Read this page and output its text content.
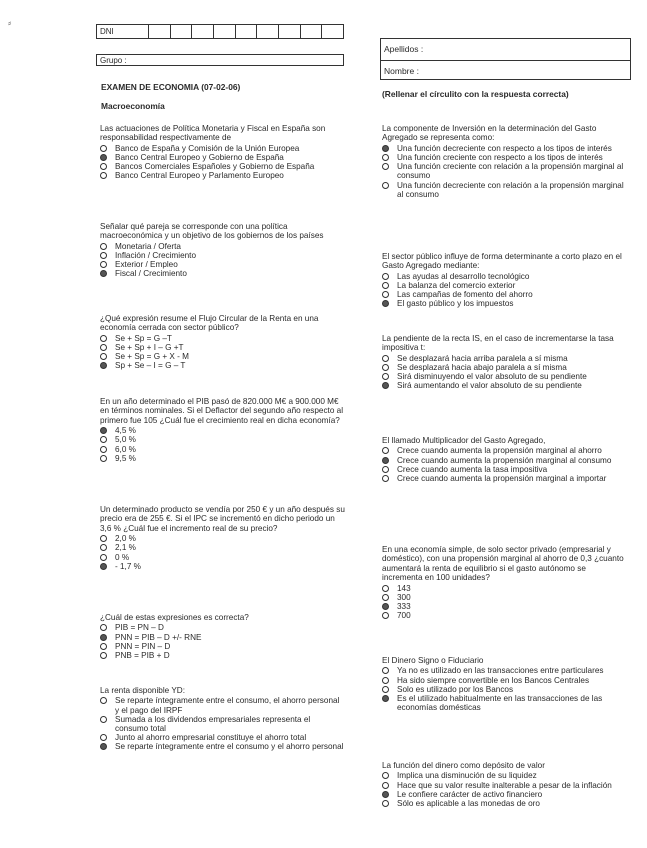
⸗
DNI
Grupo :
Apellidos :
Nombre :
EXAMEN DE ECONOMIA (07-02-06)
Macroeconomía
(Rellenar el círculito con la respuesta correcta)
Las actuaciones de Política Monetaria y Fiscal en España son responsabilidad respectivamente de
Banco de España y Comisión de la Unión Europea
Banco Central Europeo y Gobierno de España
Bancos Comerciales Españoles y Gobierno de España
Banco Central Europeo y Parlamento Europeo
Señalar qué pareja se corresponde con una política macroeconómica y un objetivo de los gobiernos de los países
Monetaria / Oferta
Inflación / Crecimiento
Exterior / Empleo
Fiscal / Crecimiento
¿Qué expresión resume el Flujo Circular de la Renta en una economía cerrada con sector público?
Se + Sp = G –T
Se + Sp + I – G +T
Se + Sp = G + X - M
Sp + Se – I = G – T
En un año determinado el PIB pasó de 820.000 M€ a 900.000 M€ en términos nominales. Si el Deflactor del segundo año respecto al primero fue 105 ¿Cuál fue el crecimiento real en dicha economía?
4,5 %
5,0 %
6,0 %
9,5 %
Un determinado producto se vendía por 250 € y un año después su precio era de 255 €. Si el IPC se incrementó en dicho periodo un 3,6 % ¿Cuál fue el incremento real de su precio?
2,0 %
2,1 %
0 %
- 1,7 %
¿Cuál de estas expresiones es correcta?
PIB = PN – D
PNN = PIB – D +/- RNE
PNN = PIN – D
PNB = PIB + D
La renta disponible YD:
Se reparte íntegramente entre el consumo, el ahorro personal y el pago del IRPF
Sumada a los dividendos empresariales representa el consumo total
Junto al ahorro empresarial constituye el ahorro total
Se reparte íntegramente entre el consumo y el ahorro personal
La componente de Inversión en la determinación del Gasto Agregado se representa como:
Una función decreciente con respecto a los tipos de interés
Una función creciente con respecto a los tipos de interés
Una función creciente con relación a la propensión marginal al consumo
Una función decreciente con relación a la propensión marginal al consumo
El sector público influye de forma determinante a corto plazo en el Gasto Agregado mediante:
Las ayudas al desarrollo tecnológico
La balanza del comercio exterior
Las campañas de fomento del ahorro
El gasto público y los impuestos
La pendiente de la recta IS, en el caso de incrementarse la tasa impositiva t:
Se desplazará hacia arriba paralela a sí misma
Se desplazará hacia abajo paralela a sí misma
Sirá disminuyendo el valor absoluto de su pendiente
Sirá aumentando el valor absoluto de su pendiente
El llamado Multiplicador del Gasto Agregado,
Crece cuando aumenta la propensión marginal al ahorro
Crece cuando aumenta la propensión marginal al consumo
Crece cuando aumenta la tasa impositiva
Crece cuando aumenta la propensión marginal a importar
En una economía simple, de solo sector privado (empresarial y doméstico), con una propensión marginal al ahorro de 0,3 ¿cuanto aumentará la renta de equilibrio si el gasto autónomo se incrementa en 100 unidades?
143
300
333
700
El Dinero Signo o Fiduciario
Ya no es utilizado en las transacciones entre particulares
Ha sido siempre convertible en los Bancos Centrales
Solo es utilizado por los Bancos
Es el utilizado habitualmente en las transacciones de las economías domésticas
La función del dinero como depósito de valor
Implica una disminución de su liquidez
Hace que su valor resulte inalterable a pesar de la inflación
Le confiere carácter de activo financiero
Sólo es aplicable a las monedas de oro
